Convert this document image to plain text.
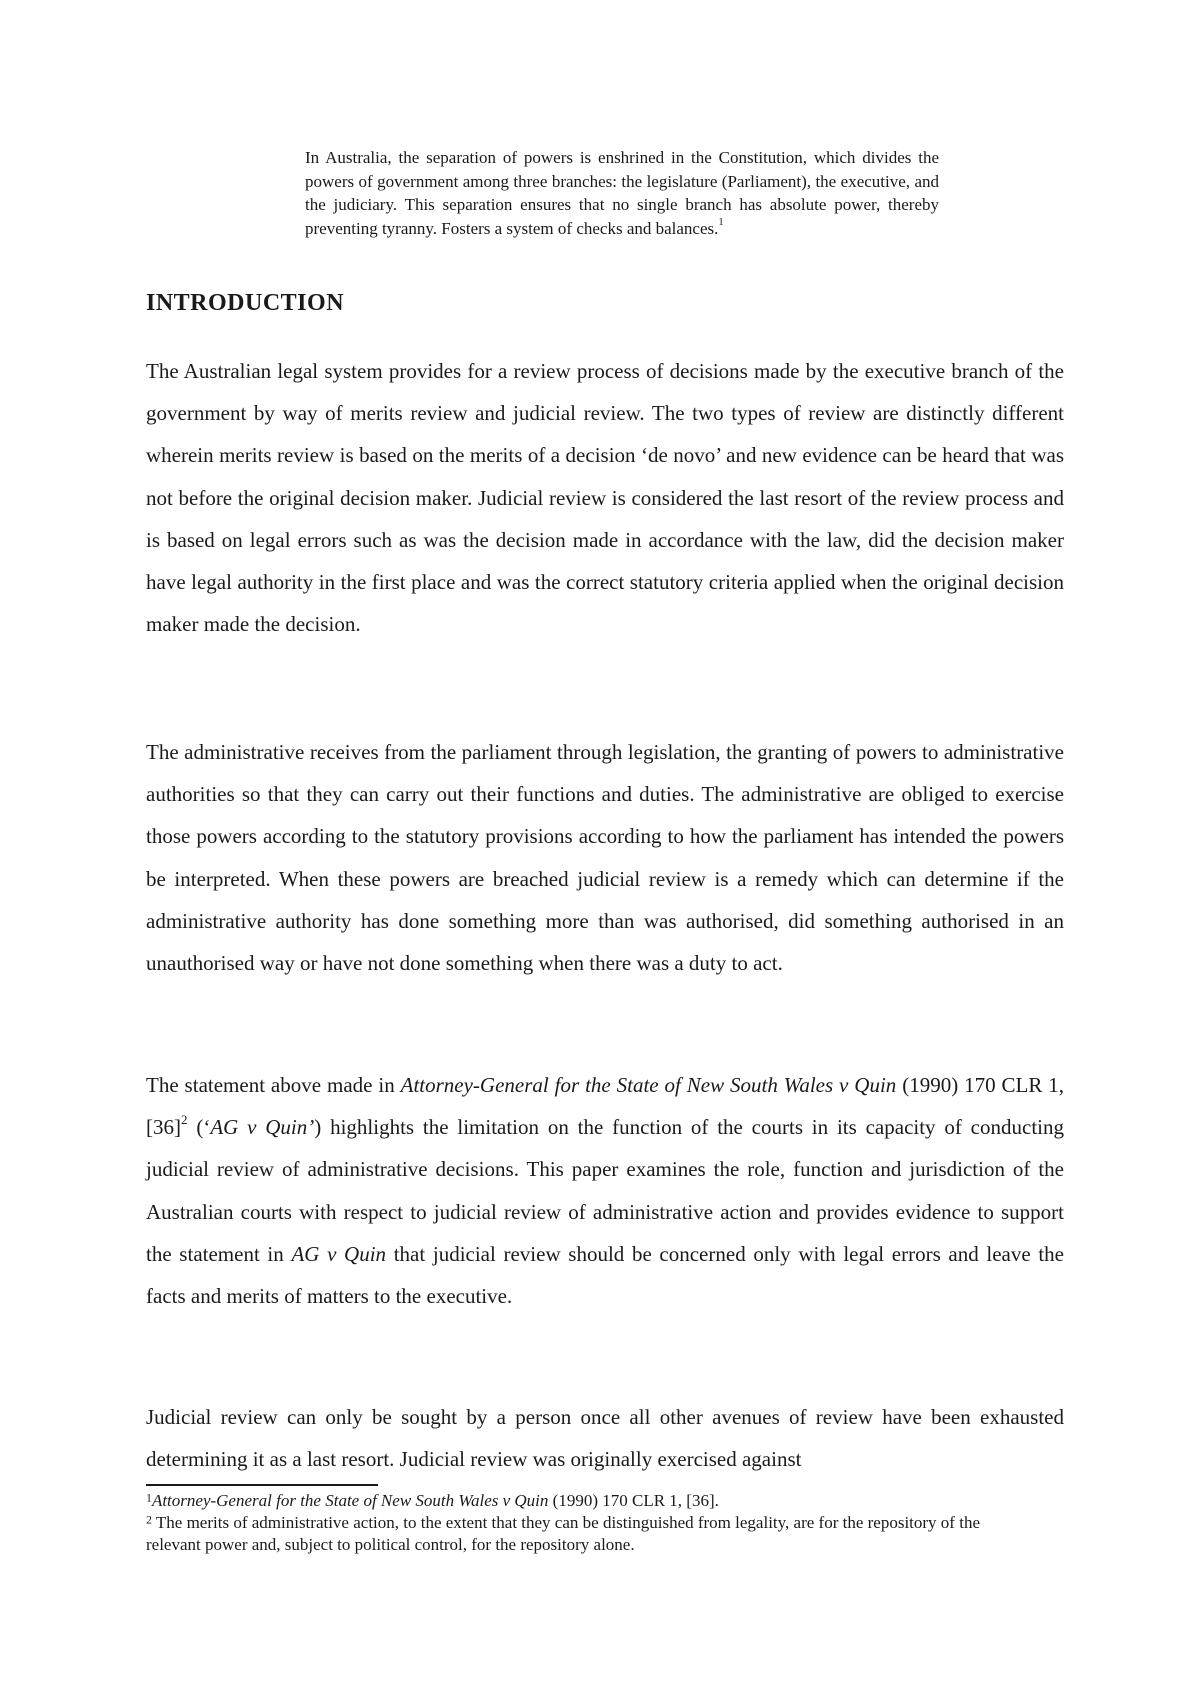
In Australia, the separation of powers is enshrined in the Constitution, which divides the powers of government among three branches: the legislature (Parliament), the executive, and the judiciary. This separation ensures that no single branch has absolute power, thereby preventing tyranny. Fosters a system of checks and balances.$^1$

INTRODUCTION

The Australian legal system provides for a review process of decisions made by the executive branch of the government by way of merits review and judicial review. The two types of review are distinctly different wherein merits review is based on the merits of a decision ‘de novo’ and new evidence can be heard that was not before the original decision maker. Judicial review is considered the last resort of the review process and is based on legal errors such as was the decision made in accordance with the law, did the decision maker have legal authority in the first place and was the correct statutory criteria applied when the original decision maker made the decision.

The administrative receives from the parliament through legislation, the granting of powers to administrative authorities so that they can carry out their functions and duties. The administrative are obliged to exercise those powers according to the statutory provisions according to how the parliament has intended the powers be interpreted. When these powers are breached judicial review is a remedy which can determine if the administrative authority has done something more than was authorised, did something authorised in an unauthorised way or have not done something when there was a duty to act.

The statement above made in Attorney-General for the State of New South Wales v Quin (1990) 170 CLR 1, $[36]^2$ (‘AG v Quin’) highlights the limitation on the function of the courts in its capacity of conducting judicial review of administrative decisions. This paper examines the role, function and jurisdiction of the Australian courts with respect to judicial review of administrative action and provides evidence to support the statement in AG v Quin that judicial review should be concerned only with legal errors and leave the facts and merits of matters to the executive.

Judicial review can only be sought by a person once all other avenues of review have been exhausted determining it as a last resort. Judicial review was originally exercised against

$^1$Attorney-General for the State of New South Wales v Quin (1990) 170 CLR 1, [36].

$^2$ The merits of administrative action, to the extent that they can be distinguished from legality, are for the repository of the relevant power and, subject to political control, for the repository alone.
